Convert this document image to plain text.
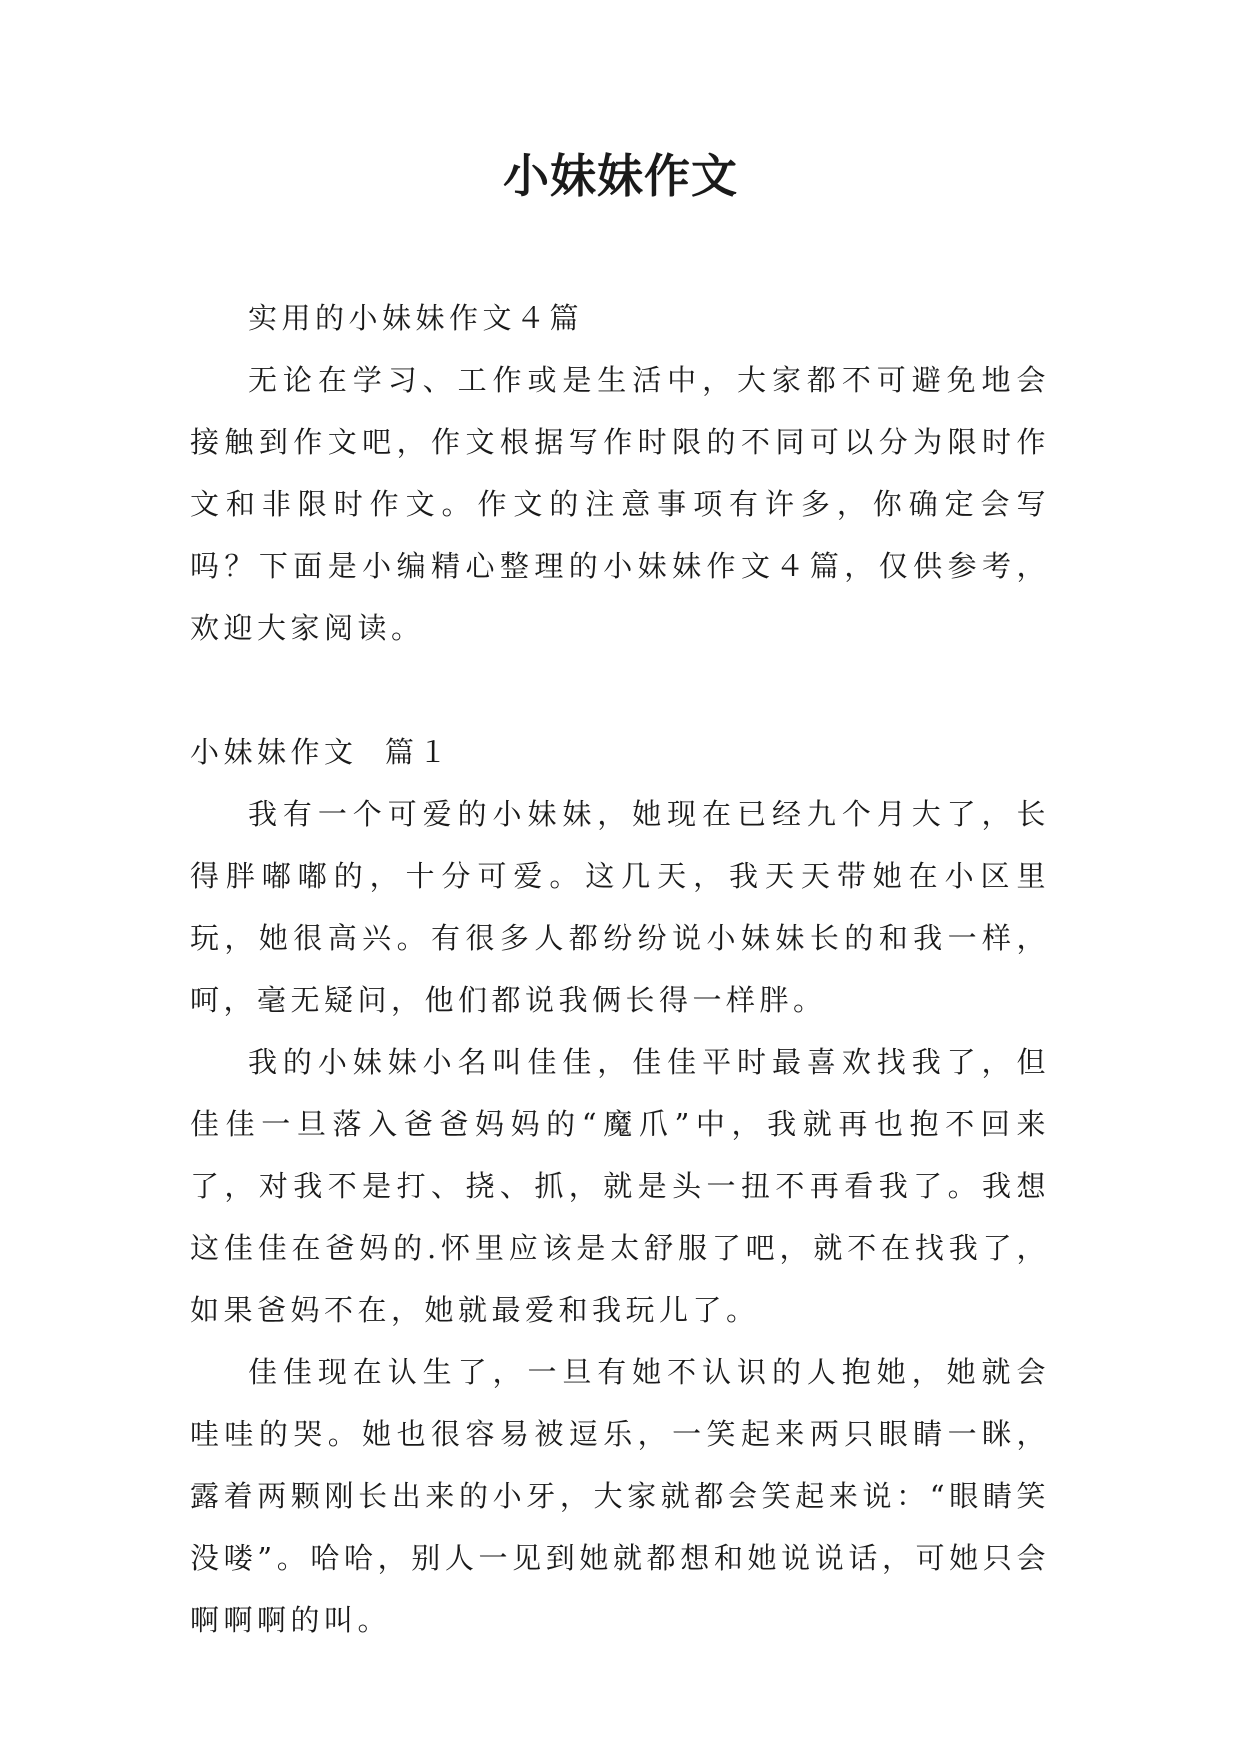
小妹妹作文

实用的小妹妹作文４篇

无论在学习、工作或是生活中，大家都不可避免地会接触到作文吧，作文根据写作时限的不同可以分为限时作文和非限时作文。作文的注意事项有许多，你确定会写吗？下面是小编精心整理的小妹妹作文４篇，仅供参考，欢迎大家阅读。

小妹妹作文  篇１

我有一个可爱的小妹妹，她现在已经九个月大了，长得胖嘟嘟的，十分可爱。这几天，我天天带她在小区里玩，她很高兴。有很多人都纷纷说小妹妹长的和我一样，呵，毫无疑问，他们都说我俩长得一样胖。

我的小妹妹小名叫佳佳，佳佳平时最喜欢找我了，但佳佳一旦落入爸爸妈妈的“魔爪”中，我就再也抱不回来了，对我不是打、挠、抓，就是头一扭不再看我了。我想这佳佳在爸妈的.怀里应该是太舒服了吧，就不在找我了，如果爸妈不在，她就最爱和我玩儿了。

佳佳现在认生了，一旦有她不认识的人抱她，她就会哇哇的哭。她也很容易被逗乐，一笑起来两只眼睛一眯，露着两颗刚长出来的小牙，大家就都会笑起来说：“眼睛笑没喽”。哈哈，别人一见到她就都想和她说说话，可她只会啊啊啊的叫。
